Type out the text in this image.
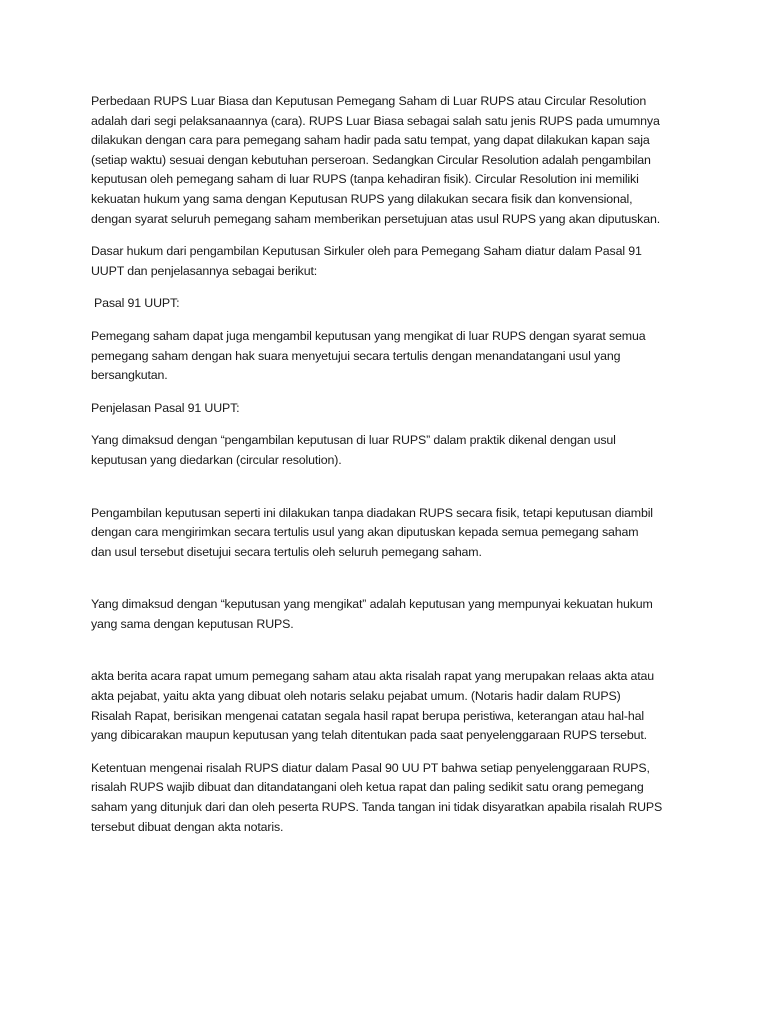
Perbedaan RUPS Luar Biasa dan Keputusan Pemegang Saham di Luar RUPS atau Circular Resolution
adalah dari segi pelaksanaannya (cara). RUPS Luar Biasa sebagai salah satu jenis RUPS pada umumnya
dilakukan dengan cara para pemegang saham hadir pada satu tempat, yang dapat dilakukan kapan saja
(setiap waktu) sesuai dengan kebutuhan perseroan. Sedangkan Circular Resolution adalah pengambilan
keputusan oleh pemegang saham di luar RUPS (tanpa kehadiran fisik). Circular Resolution ini memiliki
kekuatan hukum yang sama dengan Keputusan RUPS yang dilakukan secara fisik dan konvensional,
dengan syarat seluruh pemegang saham memberikan persetujuan atas usul RUPS yang akan diputuskan.

Dasar hukum dari pengambilan Keputusan Sirkuler oleh para Pemegang Saham diatur dalam Pasal 91
UUPT dan penjelasannya sebagai berikut:

Pasal 91 UUPT:

Pemegang saham dapat juga mengambil keputusan yang mengikat di luar RUPS dengan syarat semua
pemegang saham dengan hak suara menyetujui secara tertulis dengan menandatangani usul yang
bersangkutan.

Penjelasan Pasal 91 UUPT:

Yang dimaksud dengan “pengambilan keputusan di luar RUPS” dalam praktik dikenal dengan usul
keputusan yang diedarkan (circular resolution).

Pengambilan keputusan seperti ini dilakukan tanpa diadakan RUPS secara fisik, tetapi keputusan diambil
dengan cara mengirimkan secara tertulis usul yang akan diputuskan kepada semua pemegang saham
dan usul tersebut disetujui secara tertulis oleh seluruh pemegang saham.

Yang dimaksud dengan “keputusan yang mengikat” adalah keputusan yang mempunyai kekuatan hukum
yang sama dengan keputusan RUPS.

akta berita acara rapat umum pemegang saham atau akta risalah rapat yang merupakan relaas akta atau
akta pejabat, yaitu akta yang dibuat oleh notaris selaku pejabat umum. (Notaris hadir dalam RUPS)
Risalah Rapat, berisikan mengenai catatan segala hasil rapat berupa peristiwa, keterangan atau hal-hal
yang dibicarakan maupun keputusan yang telah ditentukan pada saat penyelenggaraan RUPS tersebut.

Ketentuan mengenai risalah RUPS diatur dalam Pasal 90 UU PT bahwa setiap penyelenggaraan RUPS,
risalah RUPS wajib dibuat dan ditandatangani oleh ketua rapat dan paling sedikit satu orang pemegang
saham yang ditunjuk dari dan oleh peserta RUPS. Tanda tangan ini tidak disyaratkan apabila risalah RUPS
tersebut dibuat dengan akta notaris.
